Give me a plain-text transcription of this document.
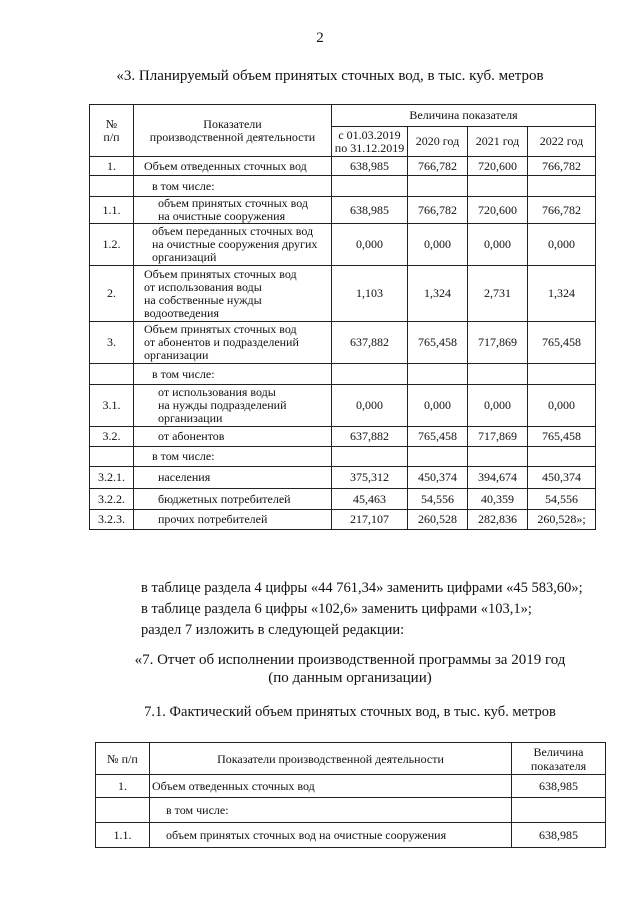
2
«3. Планируемый объем принятых сточных вод, в тыс. куб. метров
№
п/п	Показатели
производственной деятельности	Величина показателя			
		с 01.03.2019
по 31.12.2019	2020 год	2021 год	2022 год
1.	Объем отведенных сточных вод	638,985	766,782	720,600	766,782
	в том числе:				
1.1.	объем принятых сточных вод
на очистные сооружения	638,985	766,782	720,600	766,782
1.2.	объем переданных сточных вод
на очистные сооружения других
организаций	0,000	0,000	0,000	0,000
2.	Объем принятых сточных вод
от использования воды
на собственные нужды
водоотведения	1,103	1,324	2,731	1,324
3.	Объем принятых сточных вод
от абонентов и подразделений
организации	637,882	765,458	717,869	765,458
	в том числе:				
3.1.	от использования воды
на нужды подразделений
организации	0,000	0,000	0,000	0,000
3.2.	от абонентов	637,882	765,458	717,869	765,458
	в том числе:				
3.2.1.	населения	375,312	450,374	394,674	450,374
3.2.2.	бюджетных потребителей	45,463	54,556	40,359	54,556
3.2.3.	прочих потребителей	217,107	260,528	282,836	260,528»;
в таблице раздела 4 цифры «44 761,34» заменить цифрами «45 583,60»;
в таблице раздела 6 цифры «102,6» заменить цифрами «103,1»;
раздел 7 изложить в следующей редакции:
«7. Отчет об исполнении производственной программы за 2019 год
(по данным организации)
7.1. Фактический объем принятых сточных вод, в тыс. куб. метров
№ п/п	Показатели производственной деятельности	Величина
показателя
1.	Объем отведенных сточных вод	638,985
	в том числе:	
1.1.	объем принятых сточных вод на очистные сооружения	638,985
